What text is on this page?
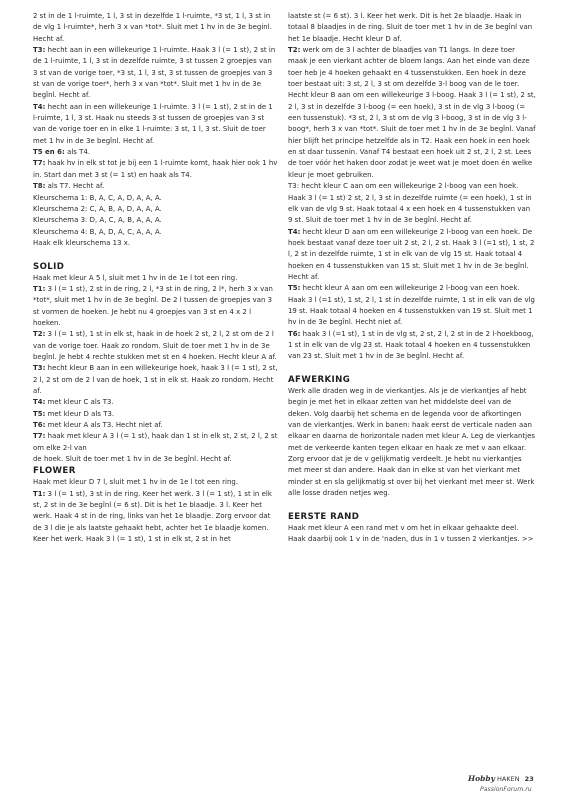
2 st in de 1 l-ruimte, 1 l, 3 st in dezelfde 1 l-ruimte, *3 st, 1 l, 3 st in de vlg 1 l-ruimte*, herh 3 x van *tot*. Sluit met 1 hv in de 3e beginl. Hecht af.

T3: hecht aan in een willekeurige 1 l-ruimte. Haak 3 l (= 1 st), 2 st in de 1 l-ruimte, 1 l, 3 st in dezelfde ruimte, 3 st tussen 2 groepjes van 3 st van de vorige toer, *3 st, 1 l, 3 st, 3 st tussen de groepjes van 3 st van de vorige toer*, herh 3 x van *tot*. Sluit met 1 hv in de 3e begînl. Hecht af.

T4: hecht aan in een willekeurige 1 l-ruimte. 3 l (= 1 st), 2 st in de 1 l-ruimte, 1 l, 3 st. Haak nu steeds 3 st tussen de groepjes van 3 st van de vorige toer en in elke 1 l-ruimte: 3 st, 1 l, 3 st. Sluit de toer met 1 hv in de 3e begînl. Hecht af.

T5 en 6: als T4.

T7: haak hv in elk st tot je bij een 1 l-ruimte komt, haak hier ook 1 hv in. Start dan met 3 st (= 1 st) en haak als T4.

T8: als T7. Hecht af.

Kleurschema 1: B, A, C, A, D, A, A, A.

Kleurschema 2: C, A, B, A, D, A, A, A.

Kleurschema 3: D, A, C, A, B, A, A, A.

Kleurschema 4: B, A, D, A, C, A, A, A.

Haak elk kleurschema 13 x.

SOLID

Haak met kleur A 5 l, sluit met 1 hv in de 1e l tot een ring.

T1: 3 l (= 1 st), 2 st in de ring, 2 l, *3 st in de ring, 2 l*, herh 3 x van *tot*, sluit met 1 hv in de 3e begînl. De 2 l tussen de groepjes van 3 st vormen de hoeken. Je hebt nu 4 groepjes van 3 st en 4 x 2 l hoeken.

T2: 3 l (= 1 st), 1 st in elk st, haak in de hoek 2 st, 2 l, 2 st om de 2 l van de vorige toer. Haak zo rondom. Sluit de toer met 1 hv in de 3e begînl. Je hebt 4 rechte stukken met st en 4 hoeken. Hecht kleur A af.

T3: hecht kleur B aan in een willekeurige hoek, haak 3 l (= 1 st), 2 st, 2 l, 2 st om de 2 l van de hoek, 1 st in elk st. Haak zo rondom. Hecht af.

T4: met kleur C als T3.

T5: met kleur D als T3.

T6: met kleur A als T3. Hecht niet af.

T7: haak met kleur A 3 l (= 1 st), haak dan 1 st in elk st, 2 st, 2 l, 2 st om elke 2-l van

de hoek. Sluit de toer met 1 hv in de 3e begînl. Hecht af.

FLOWER

Haak met kleur D 7 l, sluit met 1 hv in de 1e l tot een ring.

T1: 3 l (= 1 st), 3 st in de ring. Keer het werk. 3 l (= 1 st), 1 st in elk st, 2 st in de 3e begînl (= 6 st). Dit is het 1e blaadje. 3 l. Keer het werk. Haak 4 st in de ring, links van het 1e blaadje. Zorg ervoor dat de 3 l die je als laatste gehaakt hebt, achter het 1e blaadje komen. Keer het werk. Haak 3 l (= 1 st), 1 st in elk st, 2 st in het

laatste st (= 6 st). 3 l. Keer het werk. Dit is het 2e blaadje. Haak in totaal 8 blaadjes in de ring. Sluit de toer met 1 hv in de 3e begînl van het 1e blaadje. Hecht kleur D af.

T2: werk om de 3 l achter de blaadjes van T1 langs. In deze toer maak je een vierkant achter de bloem langs. Aan het einde van deze toer heb je 4 hoeken gehaakt en 4 tussenstukken. Een hoek in deze toer bestaat uit: 3 st, 2 l, 3 st om dezelfde 3-l boog van de le toer. Hecht kleur B aan om een willekeurige 3 l-boog. Haak 3 l (= 1 st), 2 st, 2 l, 3 st in dezelfde 3 l-boog (= een hoek), 3 st in de vlg 3 l-boog (= een tussenstuk). *3 st, 2 l, 3 st om de vlg 3 l-boog, 3 st in de vlg 3 l-boog*, herh 3 x van *tot*. Sluit de toer met 1 hv in de 3e begînl. Vanaf hier blijft het principe hetzelfde als in T2. Haak een hoek in een hoek en st daar tussenin. Vanaf T4 bestaat een hoek uit 2 st, 2 l, 2 st. Lees de toer vóór het haken door zodat je weet wat je moet doen én welke kleur je moet gebruiken.

T3: hecht kleur C aan om een willekeurige 2 l-boog van een hoek. Haak 3 l (= 1 st) 2 st, 2 l, 3 st in dezelfde ruimte (= een hoek), 1 st in elk van de vlg 9 st. Haak totaal 4 x een hoek en 4 tussenstukken van 9 st. Sluit de toer met 1 hv in de 3e begînl. Hecht af.

T4: hecht kleur D aan om een willekeurige 2 l-boog van een hoek. De hoek bestaat vanaf deze toer uit 2 st, 2 l, 2 st. Haak 3 l (=1 st), 1 st, 2 l, 2 st in dezelfde ruimte, 1 st in elk van de vlg 15 st. Haak totaal 4 hoeken en 4 tussenstukken van 15 st. Sluit met 1 hv in de 3e begînl. Hecht af.

T5: hecht kleur A aan om een willekeurige 2 l-boog van een hoek. Haak 3 l (=1 st), 1 st, 2 l, 1 st in dezelfde ruimte, 1 st in elk van de vlg 19 st. Haak totaal 4 hoeken en 4 tussenstukken van 19 st. Sluit met 1 hv in de 3e begînl. Hecht niet af.

T6: haak 3 l (=1 st), 1 st in de vlg st, 2 st, 2 l, 2 st in de 2 l-hoekboog, 1 st in elk van de vlg 23 st. Haak totaal 4 hoeken en 4 tussenstukken van 23 st. Sluit met 1 hv in de 3e begînl. Hecht af.

AFWERKING

Werk alle draden weg in de vierkantjes. Als je de vierkantjes af hebt begin je met het in elkaar zetten van het middelste deel van de deken. Volg daarbij het schema en de legenda voor de afkortingen van de vierkantjes. Werk in banen: haak eerst de verticale naden aan elkaar en daarna de horizontale naden met kleur A. Leg de vierkantjes met de verkeerde kanten tegen elkaar en haak ze met v aan elkaar. Zorg ervoor dat je de v gelijkmatig verdeelt. Je hebt nu vierkantjes met meer st dan andere. Haak dan in elke st van het vierkant met minder st en sla gelijkmatig st over bij het vierkant met meer st. Werk alle losse draden netjes weg.

EERSTE RAND

Haak met kleur A een rand met v om het in elkaar gehaakte deel. Haak daarbij ook 1 v in de ‘naden, dus in 1 v tussen 2 vierkantjes. >>

Hobby HAKEN 23
PassionForum.ru
